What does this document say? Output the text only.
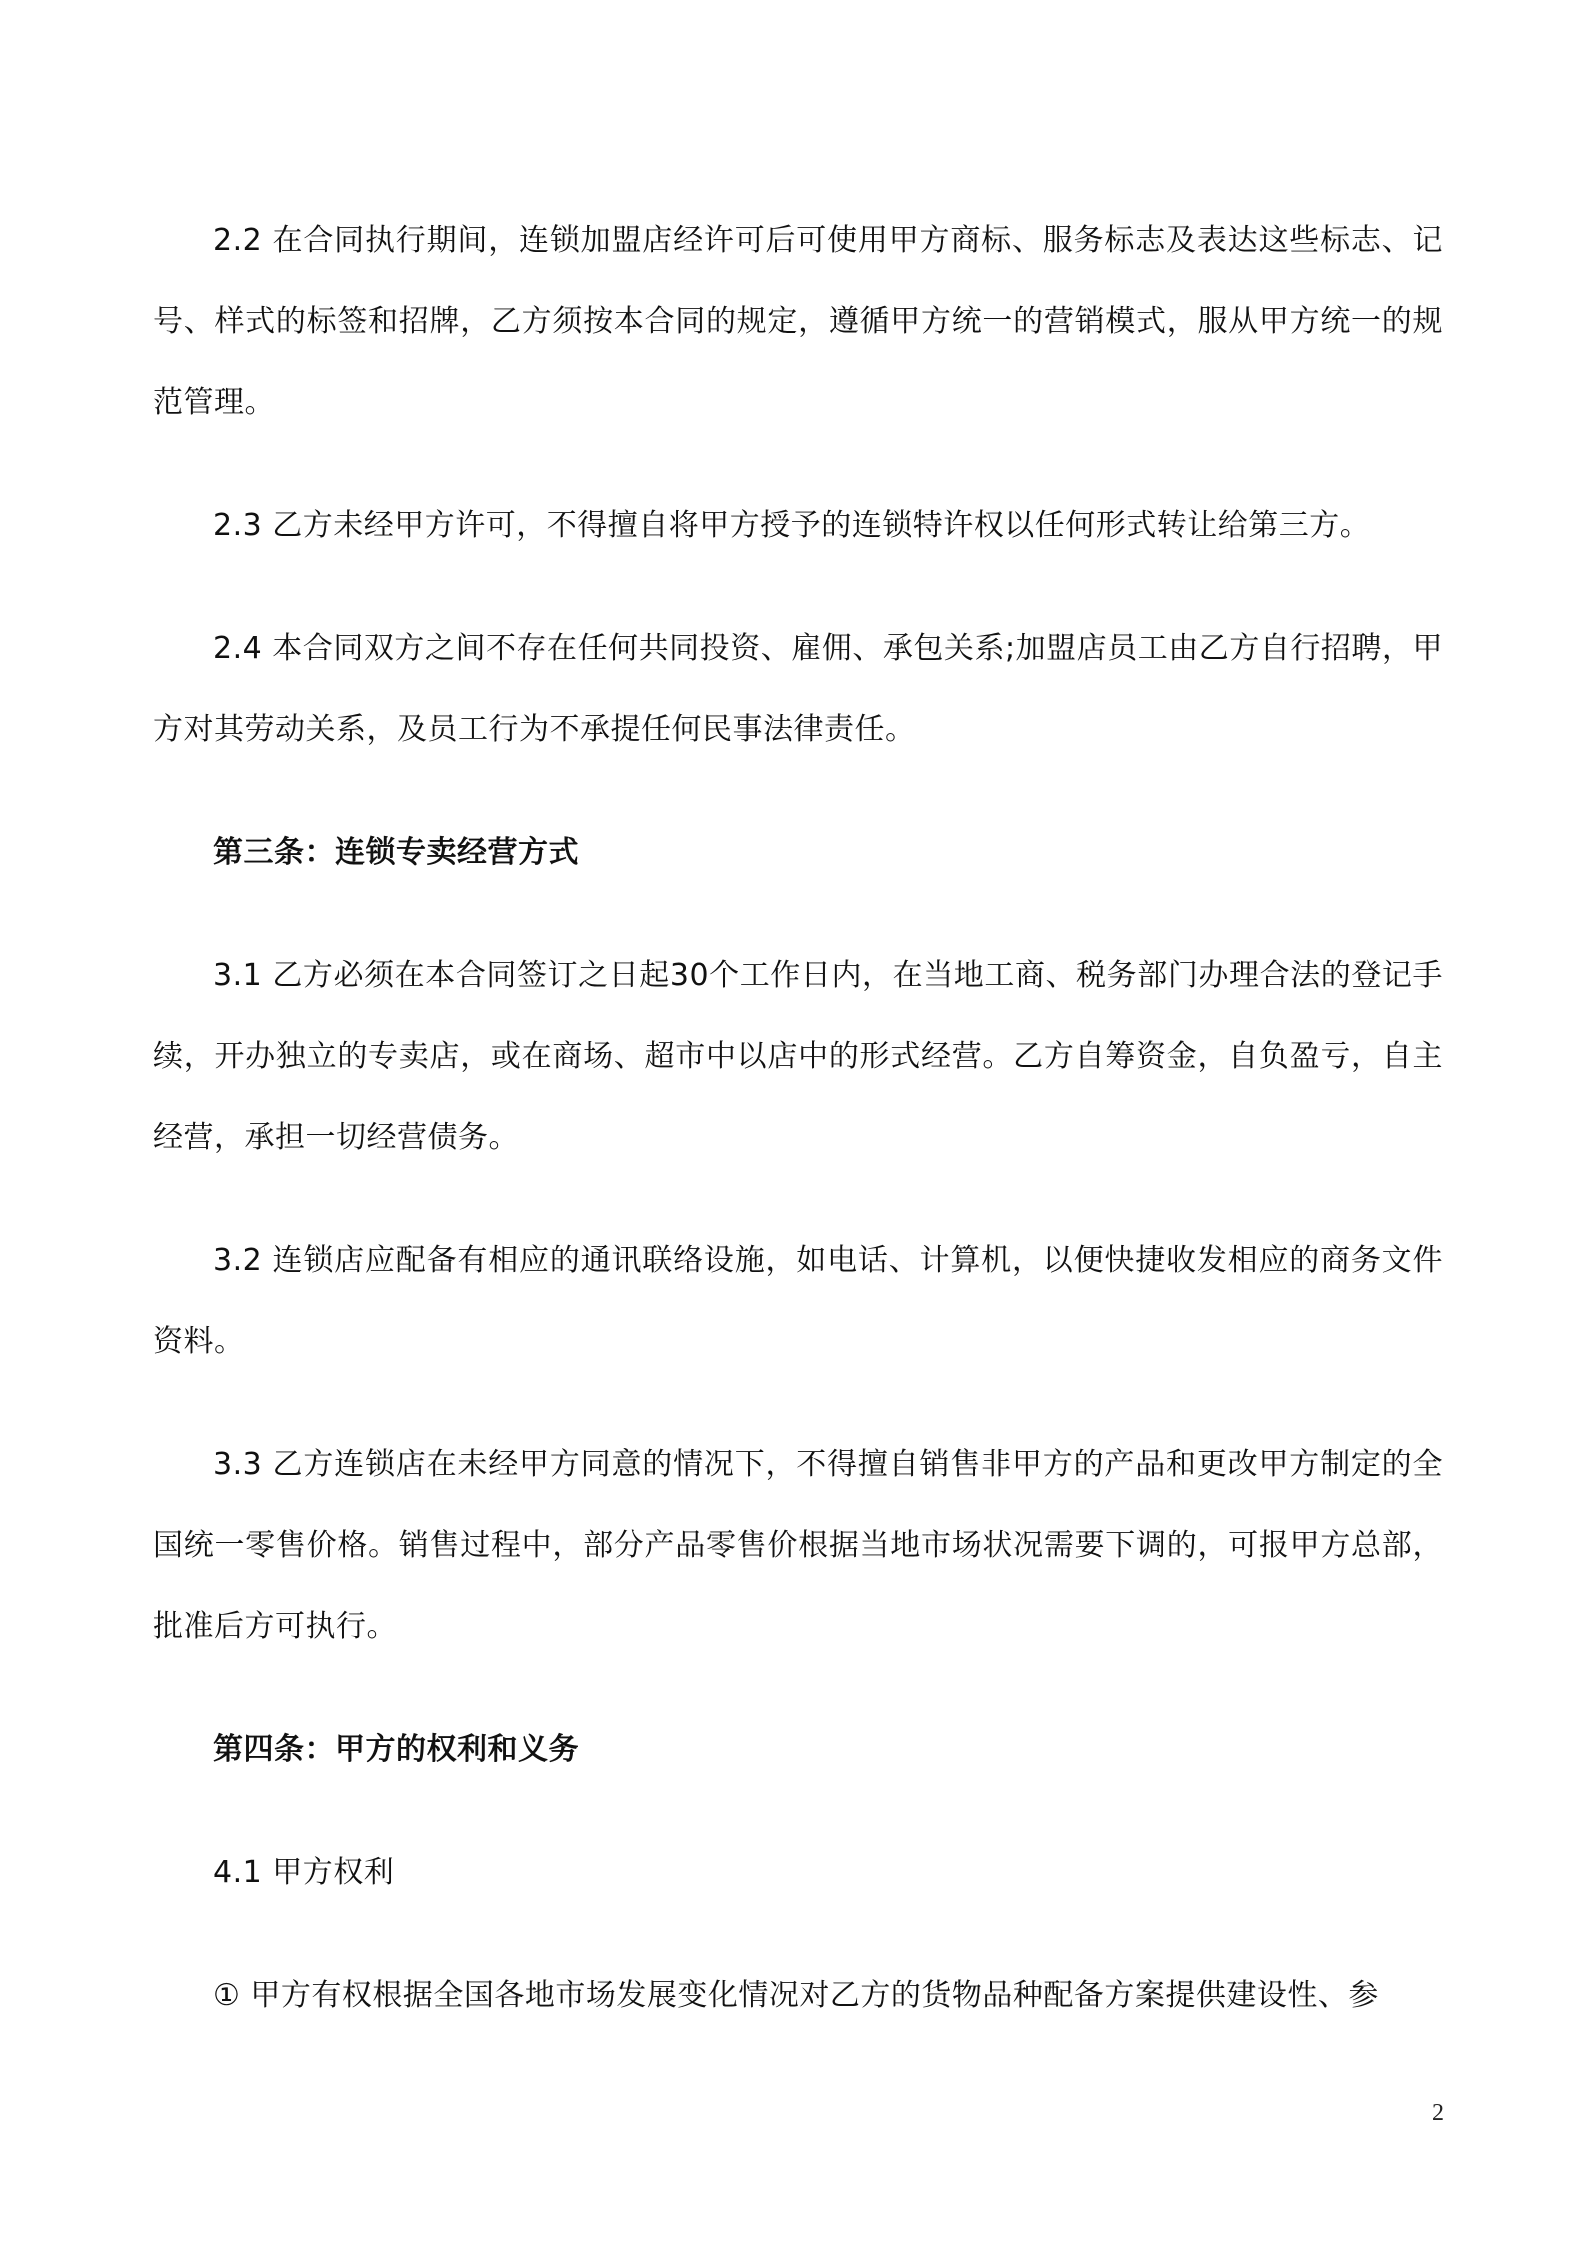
2.2 在合同执行期间，连锁加盟店经许可后可使用甲方商标、服务标志及表达这些标志、记号、样式的标签和招牌，乙方须按本合同的规定，遵循甲方统一的营销模式，服从甲方统一的规范管理。

2.3 乙方未经甲方许可，不得擅自将甲方授予的连锁特许权以任何形式转让给第三方。

2.4 本合同双方之间不存在任何共同投资、雇佣、承包关系;加盟店员工由乙方自行招聘，甲方对其劳动关系，及员工行为不承提任何民事法律责任。

第三条：连锁专卖经营方式

3.1 乙方必须在本合同签订之日起30个工作日内，在当地工商、税务部门办理合法的登记手续，开办独立的专卖店，或在商场、超市中以店中的形式经营。乙方自筹资金，自负盈亏，自主经营，承担一切经营债务。

3.2 连锁店应配备有相应的通讯联络设施，如电话、计算机，以便快捷收发相应的商务文件资料。

3.3 乙方连锁店在未经甲方同意的情况下，不得擅自销售非甲方的产品和更改甲方制定的全国统一零售价格。销售过程中，部分产品零售价根据当地市场状况需要下调的，可报甲方总部，批准后方可执行。

第四条：甲方的权利和义务

4.1 甲方权利

① 甲方有权根据全国各地市场发展变化情况对乙方的货物品种配备方案提供建设性、参

2
